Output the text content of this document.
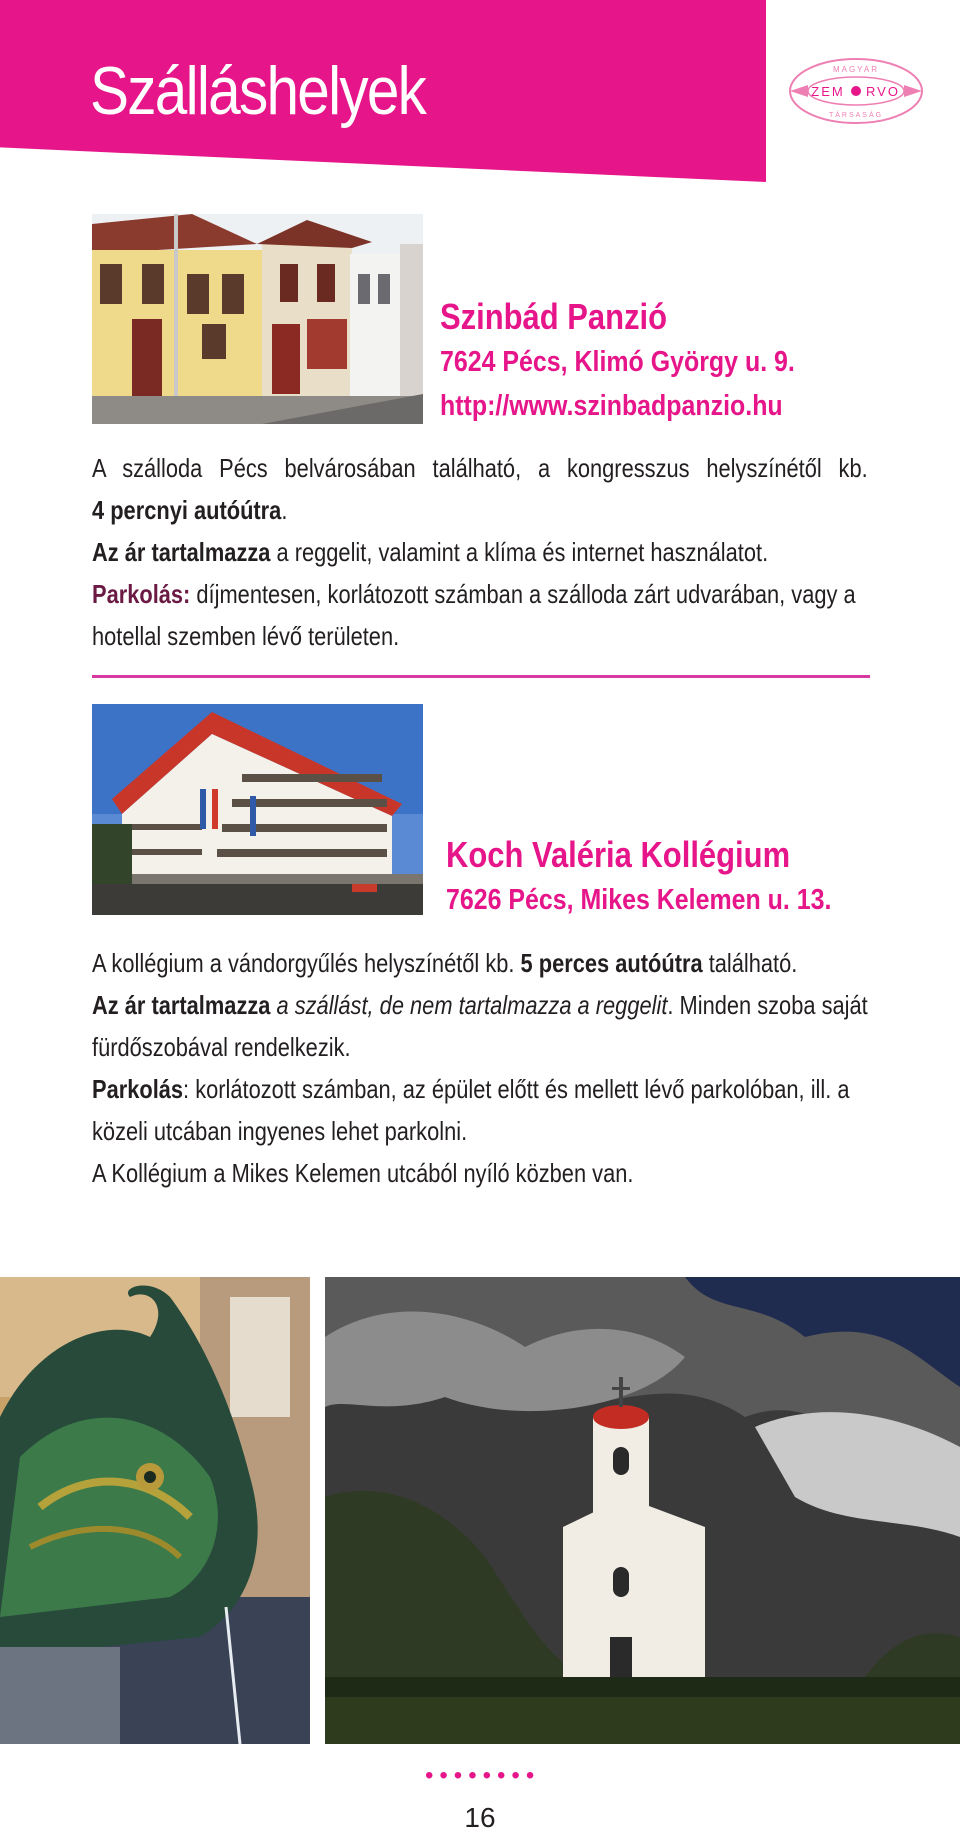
Szálláshelyek	MAGYAR
ZEM RVO
TÁRSASÁG
Szinbád Panzió
7624 Pécs, Klimó György u. 9.
http://www.szinbadpanzio.hu
A szálloda Pécs belvárosában található, a kongresszus helyszínétől kb.
4 percnyi autóútra.
Az ár tartalmazza a reggelit, valamint a klíma és internet használatot.
Parkolás: díjmentesen, korlátozott számban a szálloda zárt udvarában, vagy a hotellal szemben lévő területen.
Koch Valéria Kollégium
7626 Pécs, Mikes Kelemen u. 13.
A kollégium a vándorgyűlés helyszínétől kb. 5 perces autóútra található.
Az ár tartalmazza a szállást, de nem tartalmazza a reggelit. Minden szoba saját fürdőszobával rendelkezik.
Parkolás: korlátozott számban, az épület előtt és mellett lévő parkolóban, ill. a közeli utcában ingyenes lehet parkolni.
A Kollégium a Mikes Kelemen utcából nyíló közben van.
••••••••
16
